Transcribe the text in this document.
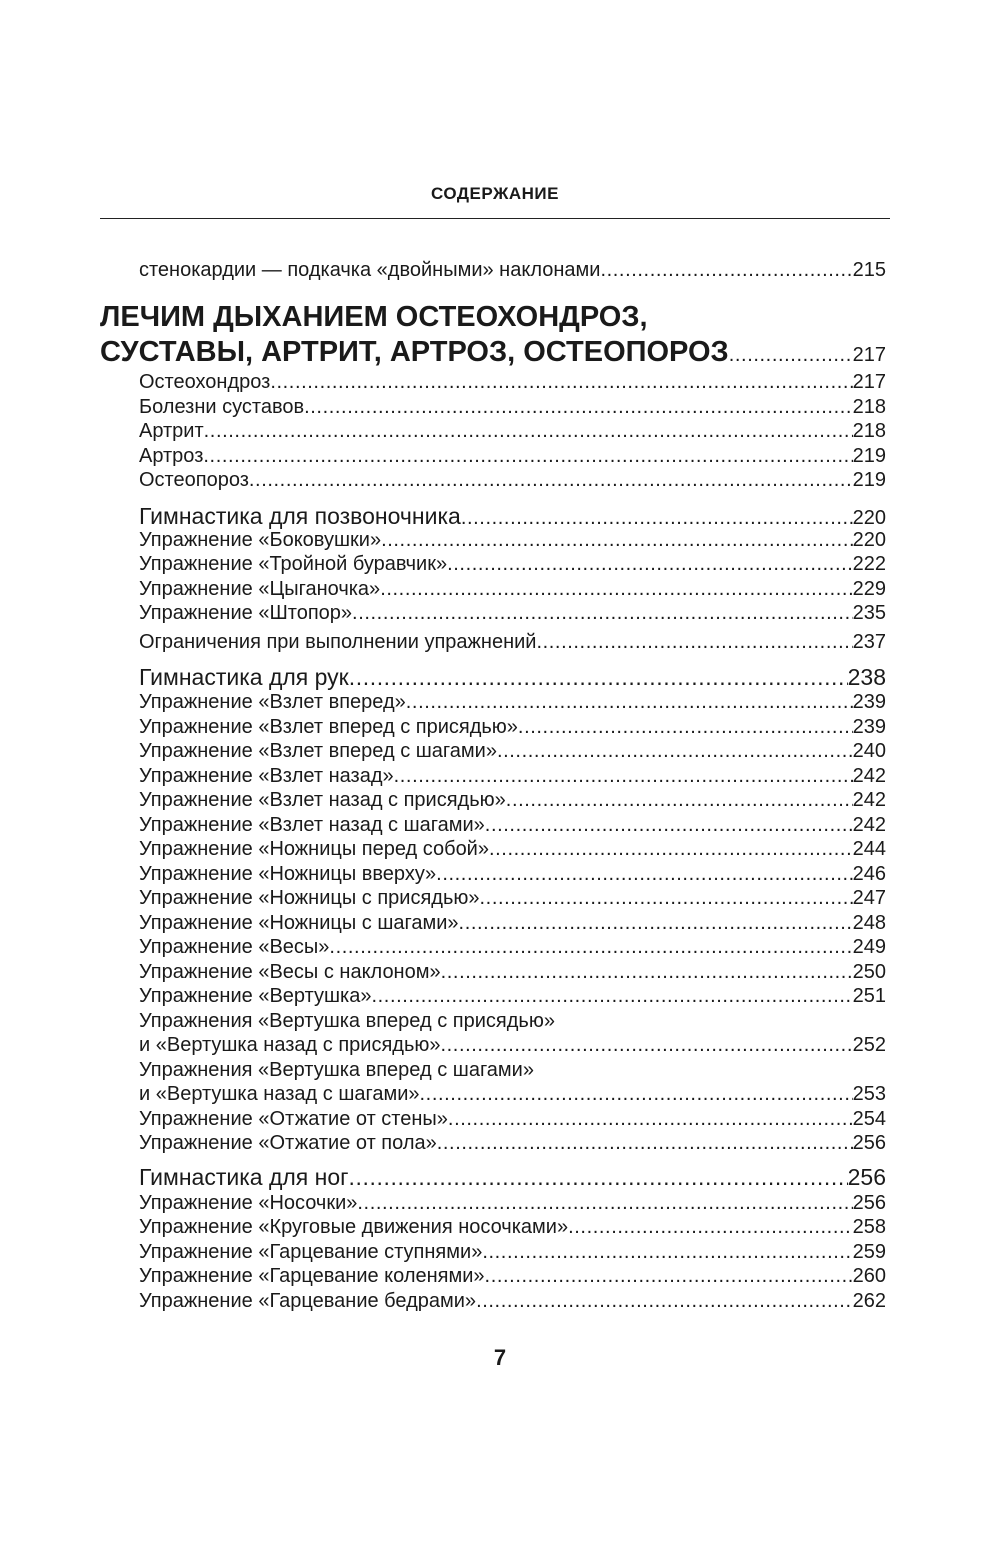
СОДЕРЖАНИЕ
стенокардии — подкачка «двойными» наклонами .....	215
ЛЕЧИМ ДЫХАНИЕМ ОСТЕОХОНДРОЗ,
СУСТАВЫ, АРТРИТ, АРТРОЗ, ОСТЕОПОРОЗ .....	217
Остеохондроз .....	217
Болезни суставов .....	218
Артрит .....	218
Артроз .....	219
Остеопороз .....	219
Гимнастика для позвоночника .....	220
Упражнение «Боковушки» .....	220
Упражнение «Тройной буравчик» .....	222
Упражнение «Цыганочка» .....	229
Упражнение «Штопор» .....	235
Ограничения при выполнении упражнений .....	237
Гимнастика для рук .....	238
Упражнение «Взлет вперед» .....	239
Упражнение «Взлет вперед с присядью» .....	239
Упражнение «Взлет вперед с шагами» .....	240
Упражнение «Взлет назад» .....	242
Упражнение «Взлет назад с присядью» .....	242
Упражнение «Взлет назад с шагами» .....	242
Упражнение «Ножницы перед собой» .....	244
Упражнение «Ножницы вверху» .....	246
Упражнение «Ножницы с присядью» .....	247
Упражнение «Ножницы с шагами» .....	248
Упражнение «Весы» .....	249
Упражнение «Весы с наклоном» .....	250
Упражнение «Вертушка» .....	251
Упражнения «Вертушка вперед с присядью»
и «Вертушка назад с присядью» .....	252
Упражнения «Вертушка вперед с шагами»
и «Вертушка назад с шагами» .....	253
Упражнение «Отжатие от стены» .....	254
Упражнение «Отжатие от пола» .....	256
Гимнастика для ног .....	256
Упражнение «Носочки» .....	256
Упражнение «Круговые движения носочками» .....	258
Упражнение «Гарцевание ступнями» .....	259
Упражнение «Гарцевание коленями» .....	260
Упражнение «Гарцевание бедрами» .....	262
7
